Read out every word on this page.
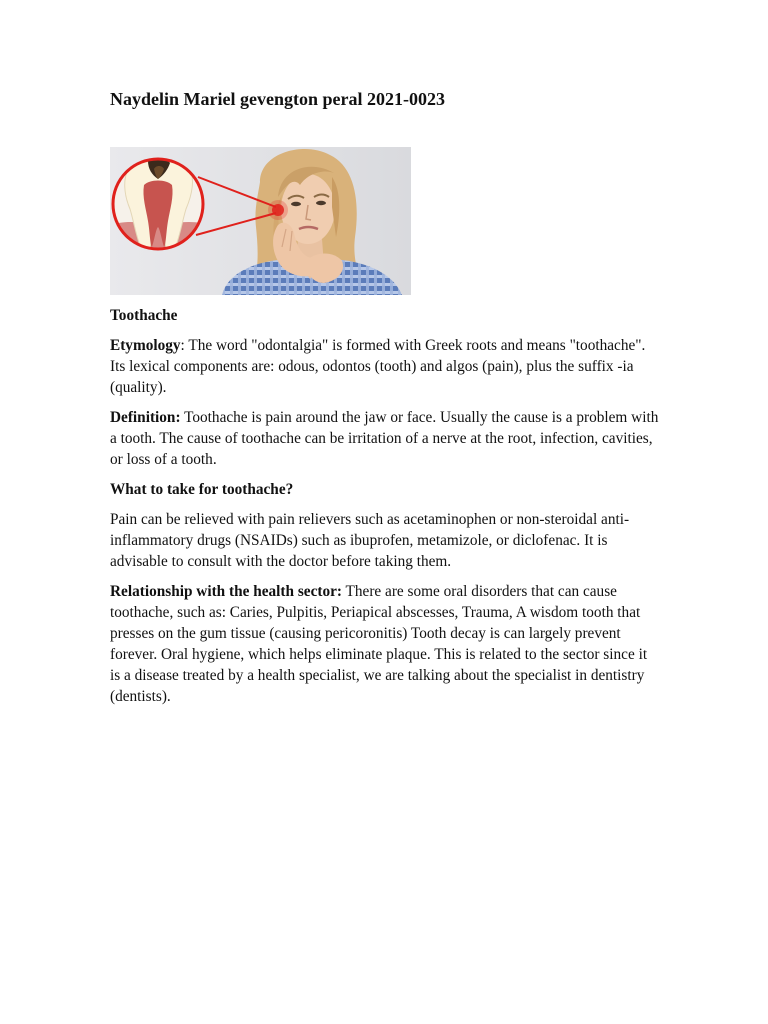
Naydelin Mariel gevengton peral 2021-0023

Toothache

Etymology: The word "odontalgia" is formed with Greek roots and means "toothache". Its lexical components are: odous, odontos (tooth) and algos (pain), plus the suffix -ia (quality).

Definition: Toothache is pain around the jaw or face. Usually the cause is a problem with a tooth. The cause of toothache can be irritation of a nerve at the root, infection, cavities, or loss of a tooth.

What to take for toothache?

Pain can be relieved with pain relievers such as acetaminophen or non-steroidal anti-inflammatory drugs (NSAIDs) such as ibuprofen, metamizole, or diclofenac. It is advisable to consult with the doctor before taking them.

Relationship with the health sector: There are some oral disorders that can cause toothache, such as: Caries, Pulpitis, Periapical abscesses, Trauma, A wisdom tooth that presses on the gum tissue (causing pericoronitis) Tooth decay is can largely prevent forever. Oral hygiene, which helps eliminate plaque. This is related to the sector since it is a disease treated by a health specialist, we are talking about the specialist in dentistry (dentists).
